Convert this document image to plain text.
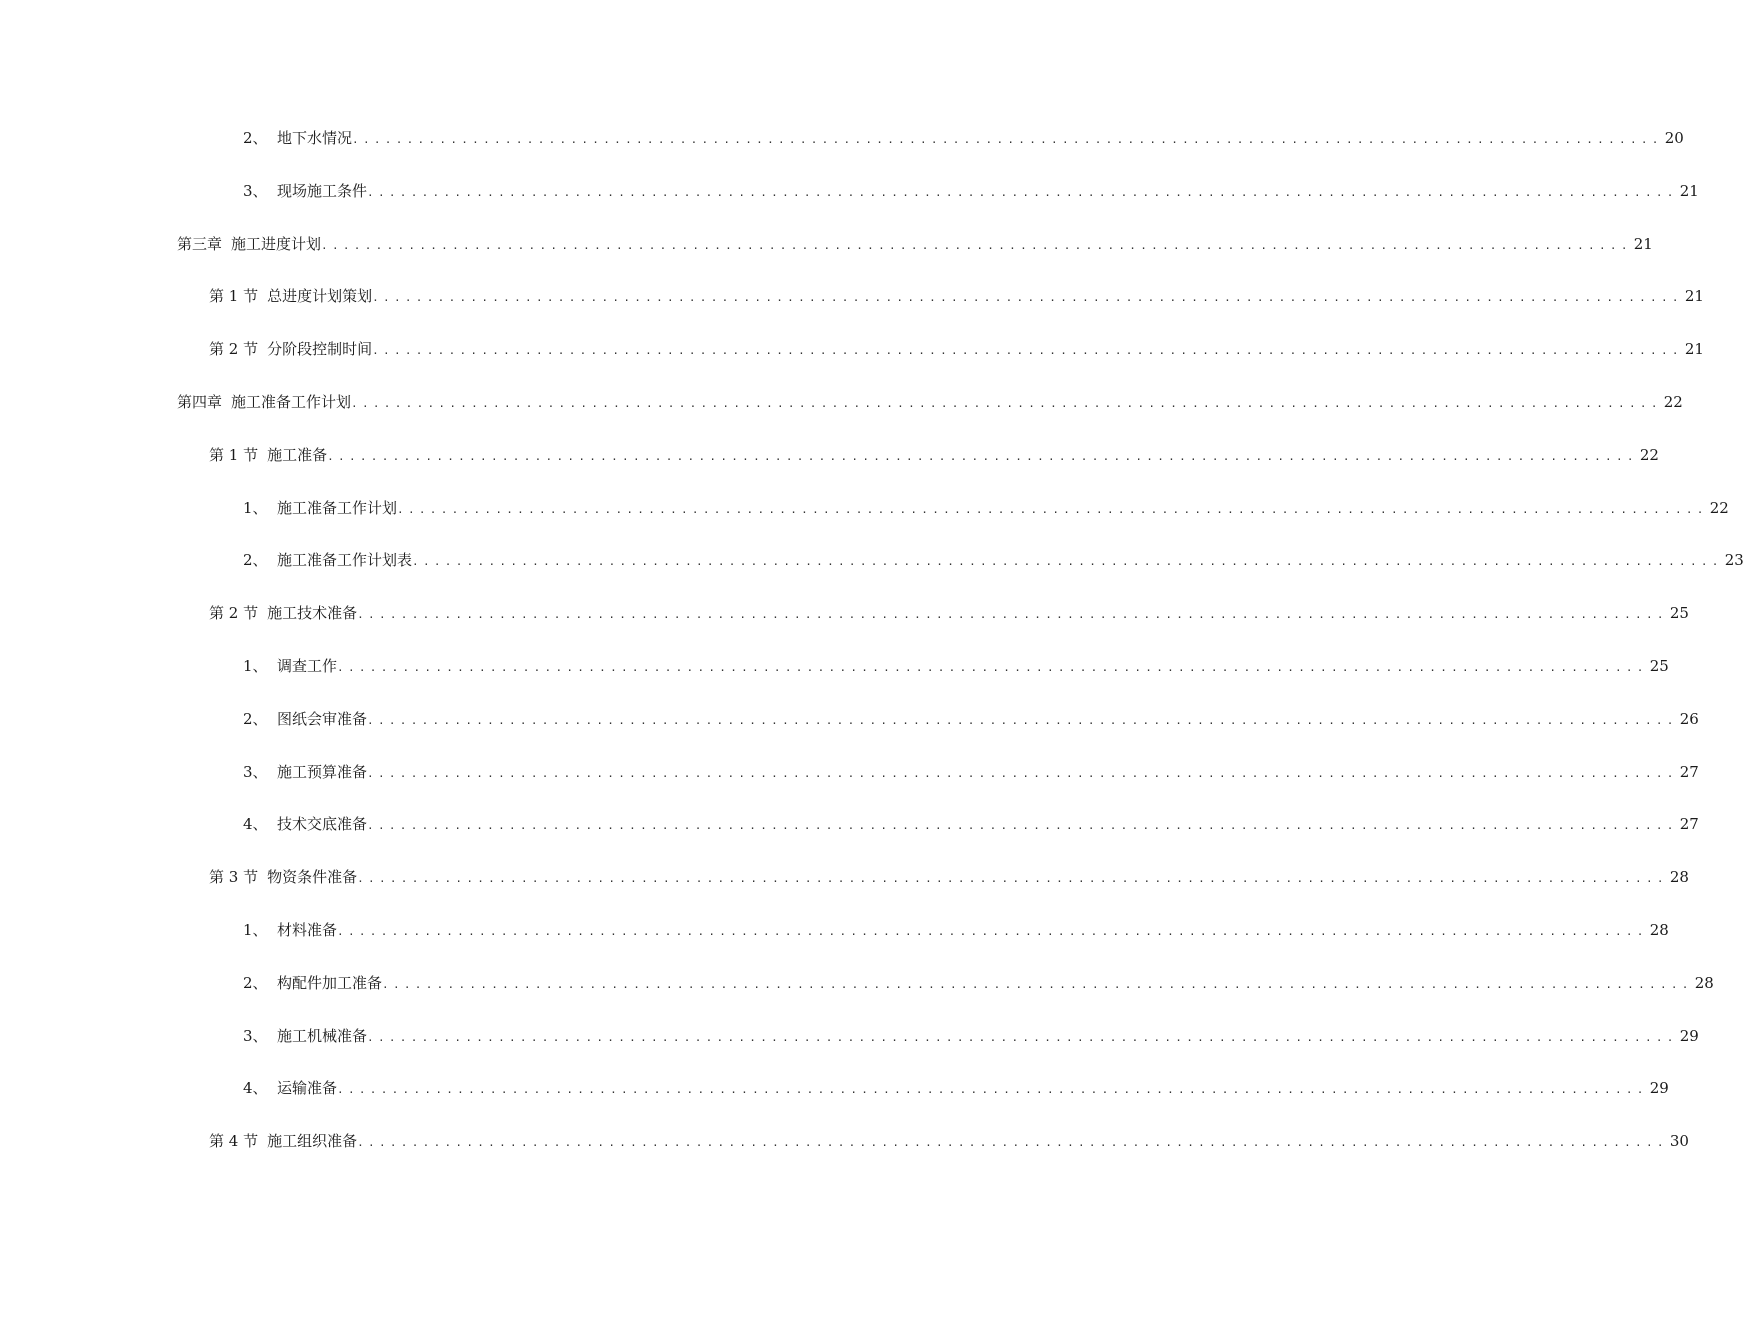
2、 地下水情况 ........................................................................................................................ 20
3、 现场施工条件 ........................................................................................................................ 21
第三章 施工进度计划 ........................................................................................................................ 21
第 1 节 总进度计划策划 ........................................................................................................................ 21
第 2 节 分阶段控制时间 ........................................................................................................................ 21
第四章 施工准备工作计划 ........................................................................................................................ 22
第 1 节 施工准备 ........................................................................................................................ 22
1、 施工准备工作计划 ........................................................................................................................ 22
2、 施工准备工作计划表 ........................................................................................................................ 23
第 2 节 施工技术准备 ........................................................................................................................ 25
1、 调查工作 ........................................................................................................................ 25
2、 图纸会审准备 ........................................................................................................................ 26
3、 施工预算准备 ........................................................................................................................ 27
4、 技术交底准备 ........................................................................................................................ 27
第 3 节 物资条件准备 ........................................................................................................................ 28
1、 材料准备 ........................................................................................................................ 28
2、 构配件加工准备 ........................................................................................................................ 28
3、 施工机械准备 ........................................................................................................................ 29
4、 运输准备 ........................................................................................................................ 29
第 4 节 施工组织准备 ........................................................................................................................ 30
